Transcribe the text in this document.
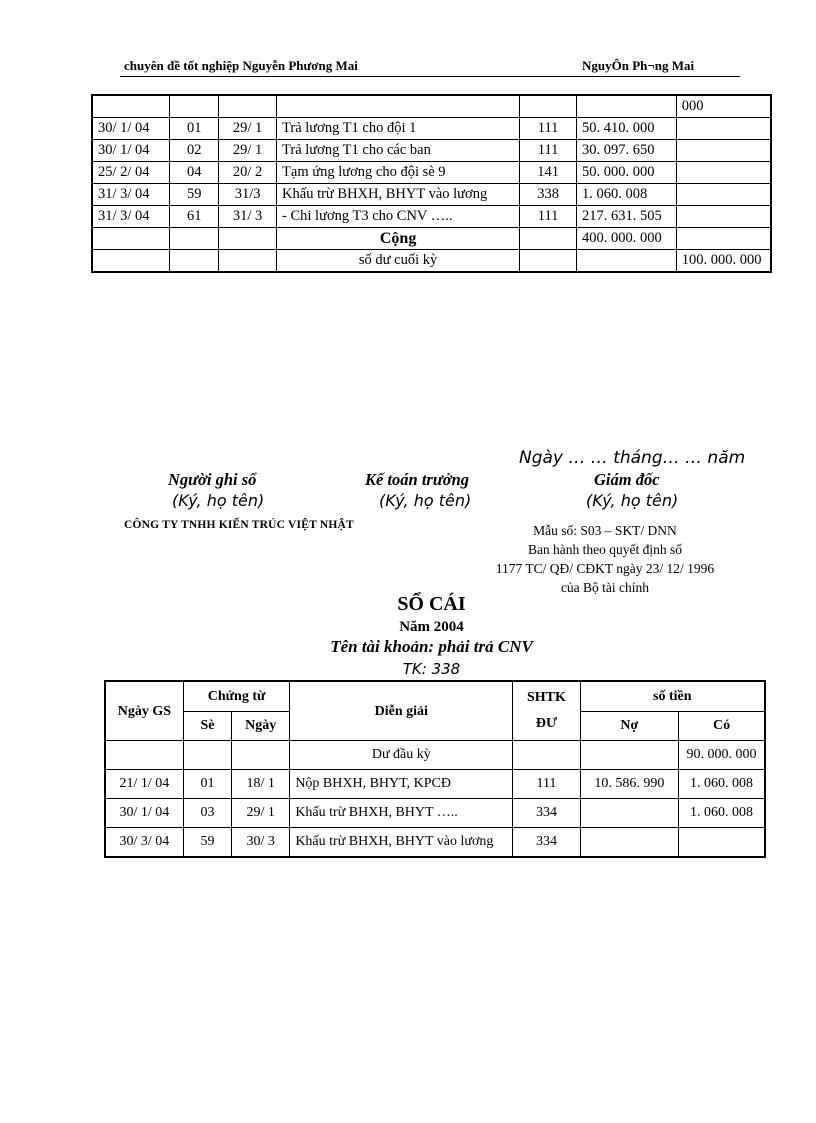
chuyên đề tốt nghiệp Nguyễn Phương Mai	NguyÔn Ph¬ng Mai
						000
30/ 1/ 04	01	29/ 1	Trả lương T1 cho đội 1	111	50. 410. 000	
30/ 1/ 04	02	29/ 1	Trả lương T1 cho các ban	111	30. 097. 650	
25/ 2/ 04	04	20/ 2	Tạm ứng lương cho đội sè 9	141	50. 000. 000	
31/ 3/ 04	59	31/3	Khấu trừ BHXH, BHYT vào lương	338	1. 060. 008	
31/ 3/ 04	61	31/ 3	- Chi lương T3 cho CNV …..	111	217. 631. 505	
			Cộng		400. 000. 000	
			số dư cuối kỳ			100. 000. 000
Ngày … … tháng… … năm
Người ghi sổ	Kế toán trưởng	Giám đốc
(Ký, họ tên)	(Ký, họ tên)	(Ký, họ tên)
CÔNG TY TNHH KIẾN TRÚC VIỆT NHẬT	Mẫu số: S03 – SKT/ DNN
Ban hành theo quyết định số
1177 TC/ QĐ/ CĐKT ngày 23/ 12/ 1996
của Bộ tài chính
SỔ CÁI
Năm 2004
Tên tài khoản: phải trả CNV
TK: 338
Ngày GS	Chứng từ		Diễn giải	SHTK
ĐƯ	số tiền	
	Sè	Ngày			Nợ	Có
			Dư đầu kỳ			90. 000. 000
21/ 1/ 04	01	18/ 1	Nộp BHXH, BHYT, KPCĐ	111	10. 586. 990	1. 060. 008
30/ 1/ 04	03	29/ 1	Khấu trừ BHXH, BHYT …..	334		1. 060. 008
30/ 3/ 04	59	30/ 3	Khấu trừ BHXH, BHYT vào lương	334		
